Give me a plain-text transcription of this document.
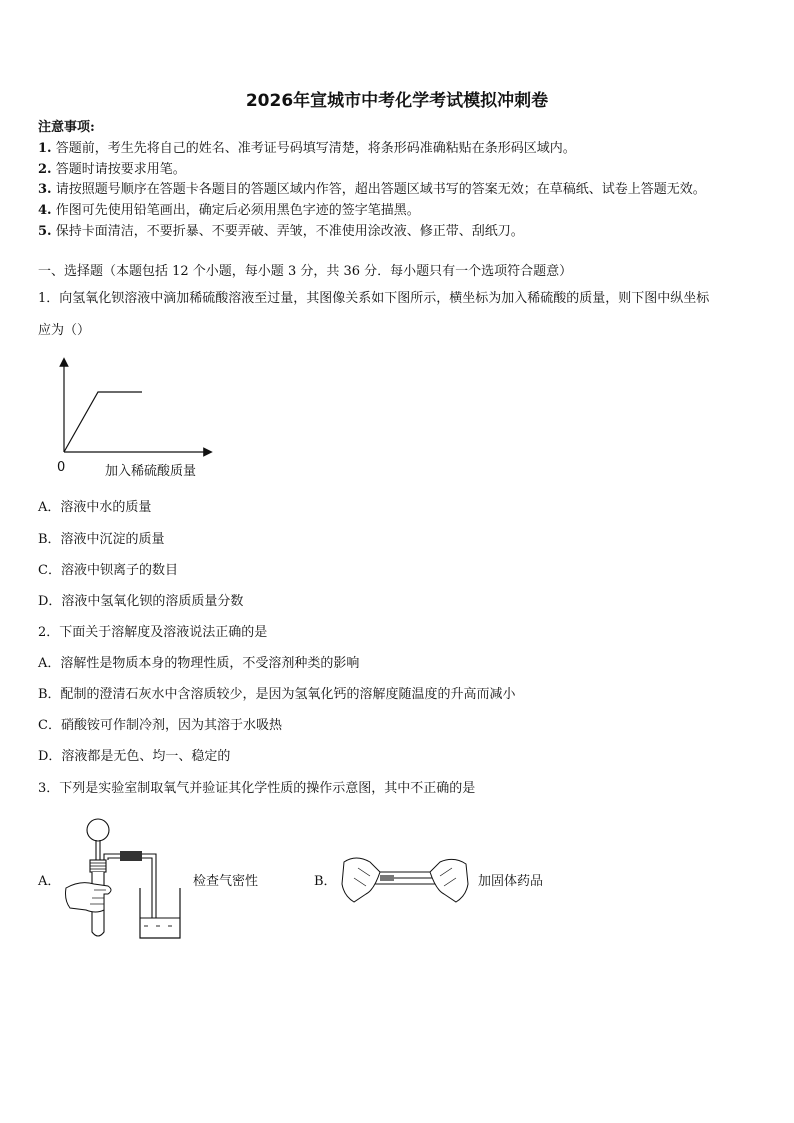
2026年宣城市中考化学考试模拟冲刺卷
注意事项:
1. 答题前，考生先将自己的姓名、准考证号码填写清楚，将条形码准确粘贴在条形码区域内。
2. 答题时请按要求用笔。
3. 请按照题号顺序在答题卡各题目的答题区域内作答，超出答题区域书写的答案无效；在草稿纸、试卷上答题无效。
4. 作图可先使用铅笔画出，确定后必须用黑色字迹的签字笔描黑。
5. 保持卡面清洁，不要折暴、不要弄破、弄皱，不准使用涂改液、修正带、刮纸刀。
一、选择题（本题包括 12 个小题，每小题 3 分，共 36 分．每小题只有一个选项符合题意）
1．向氢氧化钡溶液中滴加稀硫酸溶液至过量，其图像关系如下图所示，横坐标为加入稀硫酸的质量，则下图中纵坐标
应为（）
0	加入稀硫酸质量
A．溶液中水的质量
B．溶液中沉淀的质量
C．溶液中钡离子的数目
D．溶液中氢氧化钡的溶质质量分数
2．下面关于溶解度及溶液说法正确的是
A．溶解性是物质本身的物理性质，不受溶剂种类的影响
B．配制的澄清石灰水中含溶质较少，是因为氢氧化钙的溶解度随温度的升高而减小
C．硝酸铵可作制冷剂，因为其溶于水吸热
D．溶液都是无色、均一、稳定的
3．下列是实验室制取氧气并验证其化学性质的操作示意图，其中不正确的是
A．	检查气密性	B．	加固体药品
